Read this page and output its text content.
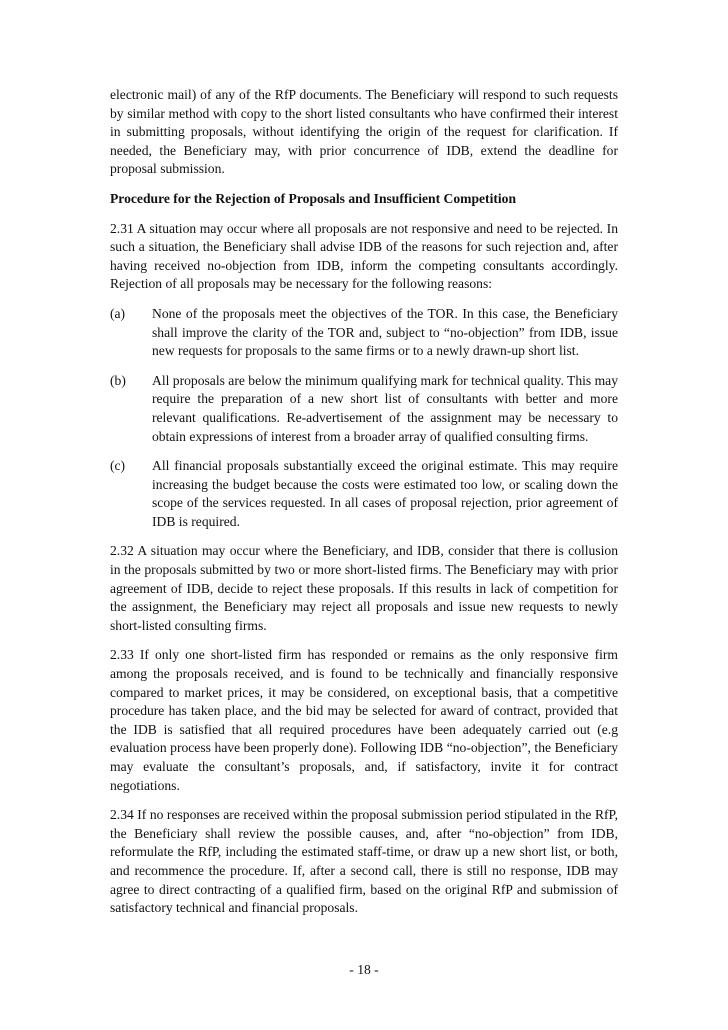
electronic mail) of any of the RfP documents. The Beneficiary will respond to such requests by similar method with copy to the short listed consultants who have confirmed their interest in submitting proposals, without identifying the origin of the request for clarification. If needed, the Beneficiary may, with prior concurrence of IDB, extend the deadline for proposal submission.

Procedure for the Rejection of Proposals and Insufficient Competition

2.31 A situation may occur where all proposals are not responsive and need to be rejected. In such a situation, the Beneficiary shall advise IDB of the reasons for such rejection and, after having received no-objection from IDB, inform the competing consultants accordingly. Rejection of all proposals may be necessary for the following reasons:

(a)	None of the proposals meet the objectives of the TOR. In this case, the Beneficiary shall improve the clarity of the TOR and, subject to “no-objection” from IDB, issue new requests for proposals to the same firms or to a newly drawn-up short list.
(b)	All proposals are below the minimum qualifying mark for technical quality. This may require the preparation of a new short list of consultants with better and more relevant qualifications. Re-advertisement of the assignment may be necessary to obtain expressions of interest from a broader array of qualified consulting firms.
(c)	All financial proposals substantially exceed the original estimate. This may require increasing the budget because the costs were estimated too low, or scaling down the scope of the services requested. In all cases of proposal rejection, prior agreement of IDB is required.

2.32 A situation may occur where the Beneficiary, and IDB, consider that there is collusion in the proposals submitted by two or more short-listed firms. The Beneficiary may with prior agreement of IDB, decide to reject these proposals. If this results in lack of competition for the assignment, the Beneficiary may reject all proposals and issue new requests to newly short-listed consulting firms.

2.33 If only one short-listed firm has responded or remains as the only responsive firm among the proposals received, and is found to be technically and financially responsive compared to market prices, it may be considered, on exceptional basis, that a competitive procedure has taken place, and the bid may be selected for award of contract, provided that the IDB is satisfied that all required procedures have been adequately carried out (e.g evaluation process have been properly done). Following IDB “no-objection”, the Beneficiary may evaluate the consultant’s proposals, and, if satisfactory, invite it for contract negotiations.

2.34 If no responses are received within the proposal submission period stipulated in the RfP, the Beneficiary shall review the possible causes, and, after “no-objection” from IDB, reformulate the RfP, including the estimated staff-time, or draw up a new short list, or both, and recommence the procedure. If, after a second call, there is still no response, IDB may agree to direct contracting of a qualified firm, based on the original RfP and submission of satisfactory technical and financial proposals.

- 18 -
